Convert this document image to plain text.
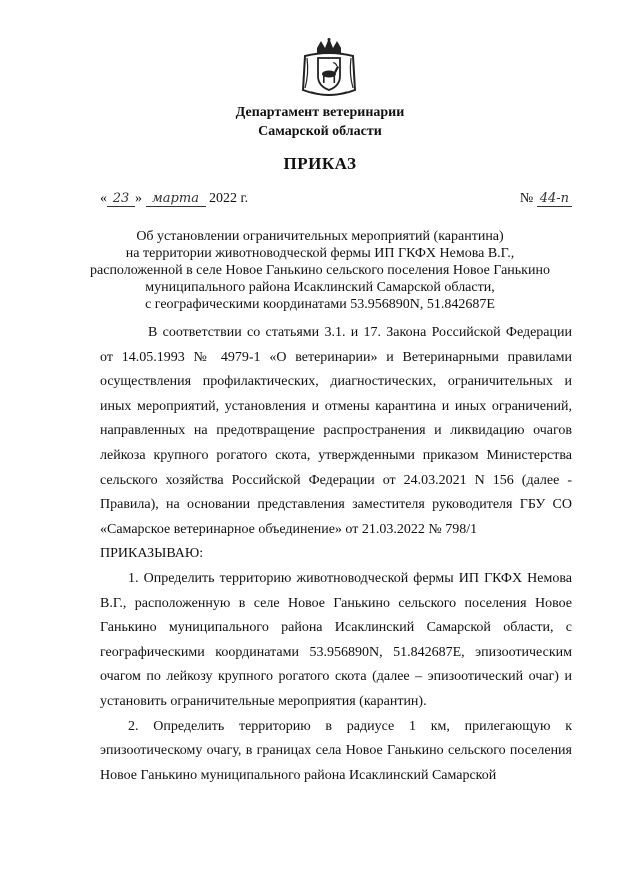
Департамент ветеринарии
Самарской области
ПРИКАЗ
« 23 » марта 2022 г.	№ 44-п
Об установлении ограничительных мероприятий (карантина)
на территории животноводческой фермы ИП ГКФХ Немова В.Г.,
расположенной в селе Новое Ганькино сельского поселения Новое Ганькино
муниципального района Исаклинский Самарской области,
с географическими координатами 53.956890N, 51.842687E

В соответствии со статьями 3.1. и 17. Закона Российской Федерации от 14.05.1993 № 4979-1 «О ветеринарии» и Ветеринарными правилами осуществления профилактических, диагностических, ограничительных и иных мероприятий, установления и отмены карантина и иных ограничений, направленных на предотвращение распространения и ликвидацию очагов лейкоза крупного рогатого скота, утвержденными приказом Министерства сельского хозяйства Российской Федерации от 24.03.2021 N 156 (далее - Правила), на основании представления заместителя руководителя ГБУ СО «Самарское ветеринарное объединение» от 21.03.2022 № 798/1

ПРИКАЗЫВАЮ:

1. Определить территорию животноводческой фермы ИП ГКФХ Немова В.Г., расположенную в селе Новое Ганькино сельского поселения Новое Ганькино муниципального района Исаклинский Самарской области, с географическими координатами 53.956890N, 51.842687E, эпизоотическим очагом по лейкозу крупного рогатого скота (далее – эпизоотический очаг) и установить ограничительные мероприятия (карантин).

2. Определить территорию в радиусе 1 км, прилегающую к эпизоотическому очагу, в границах села Новое Ганькино сельского поселения Новое Ганькино муниципального района Исаклинский Самарской
